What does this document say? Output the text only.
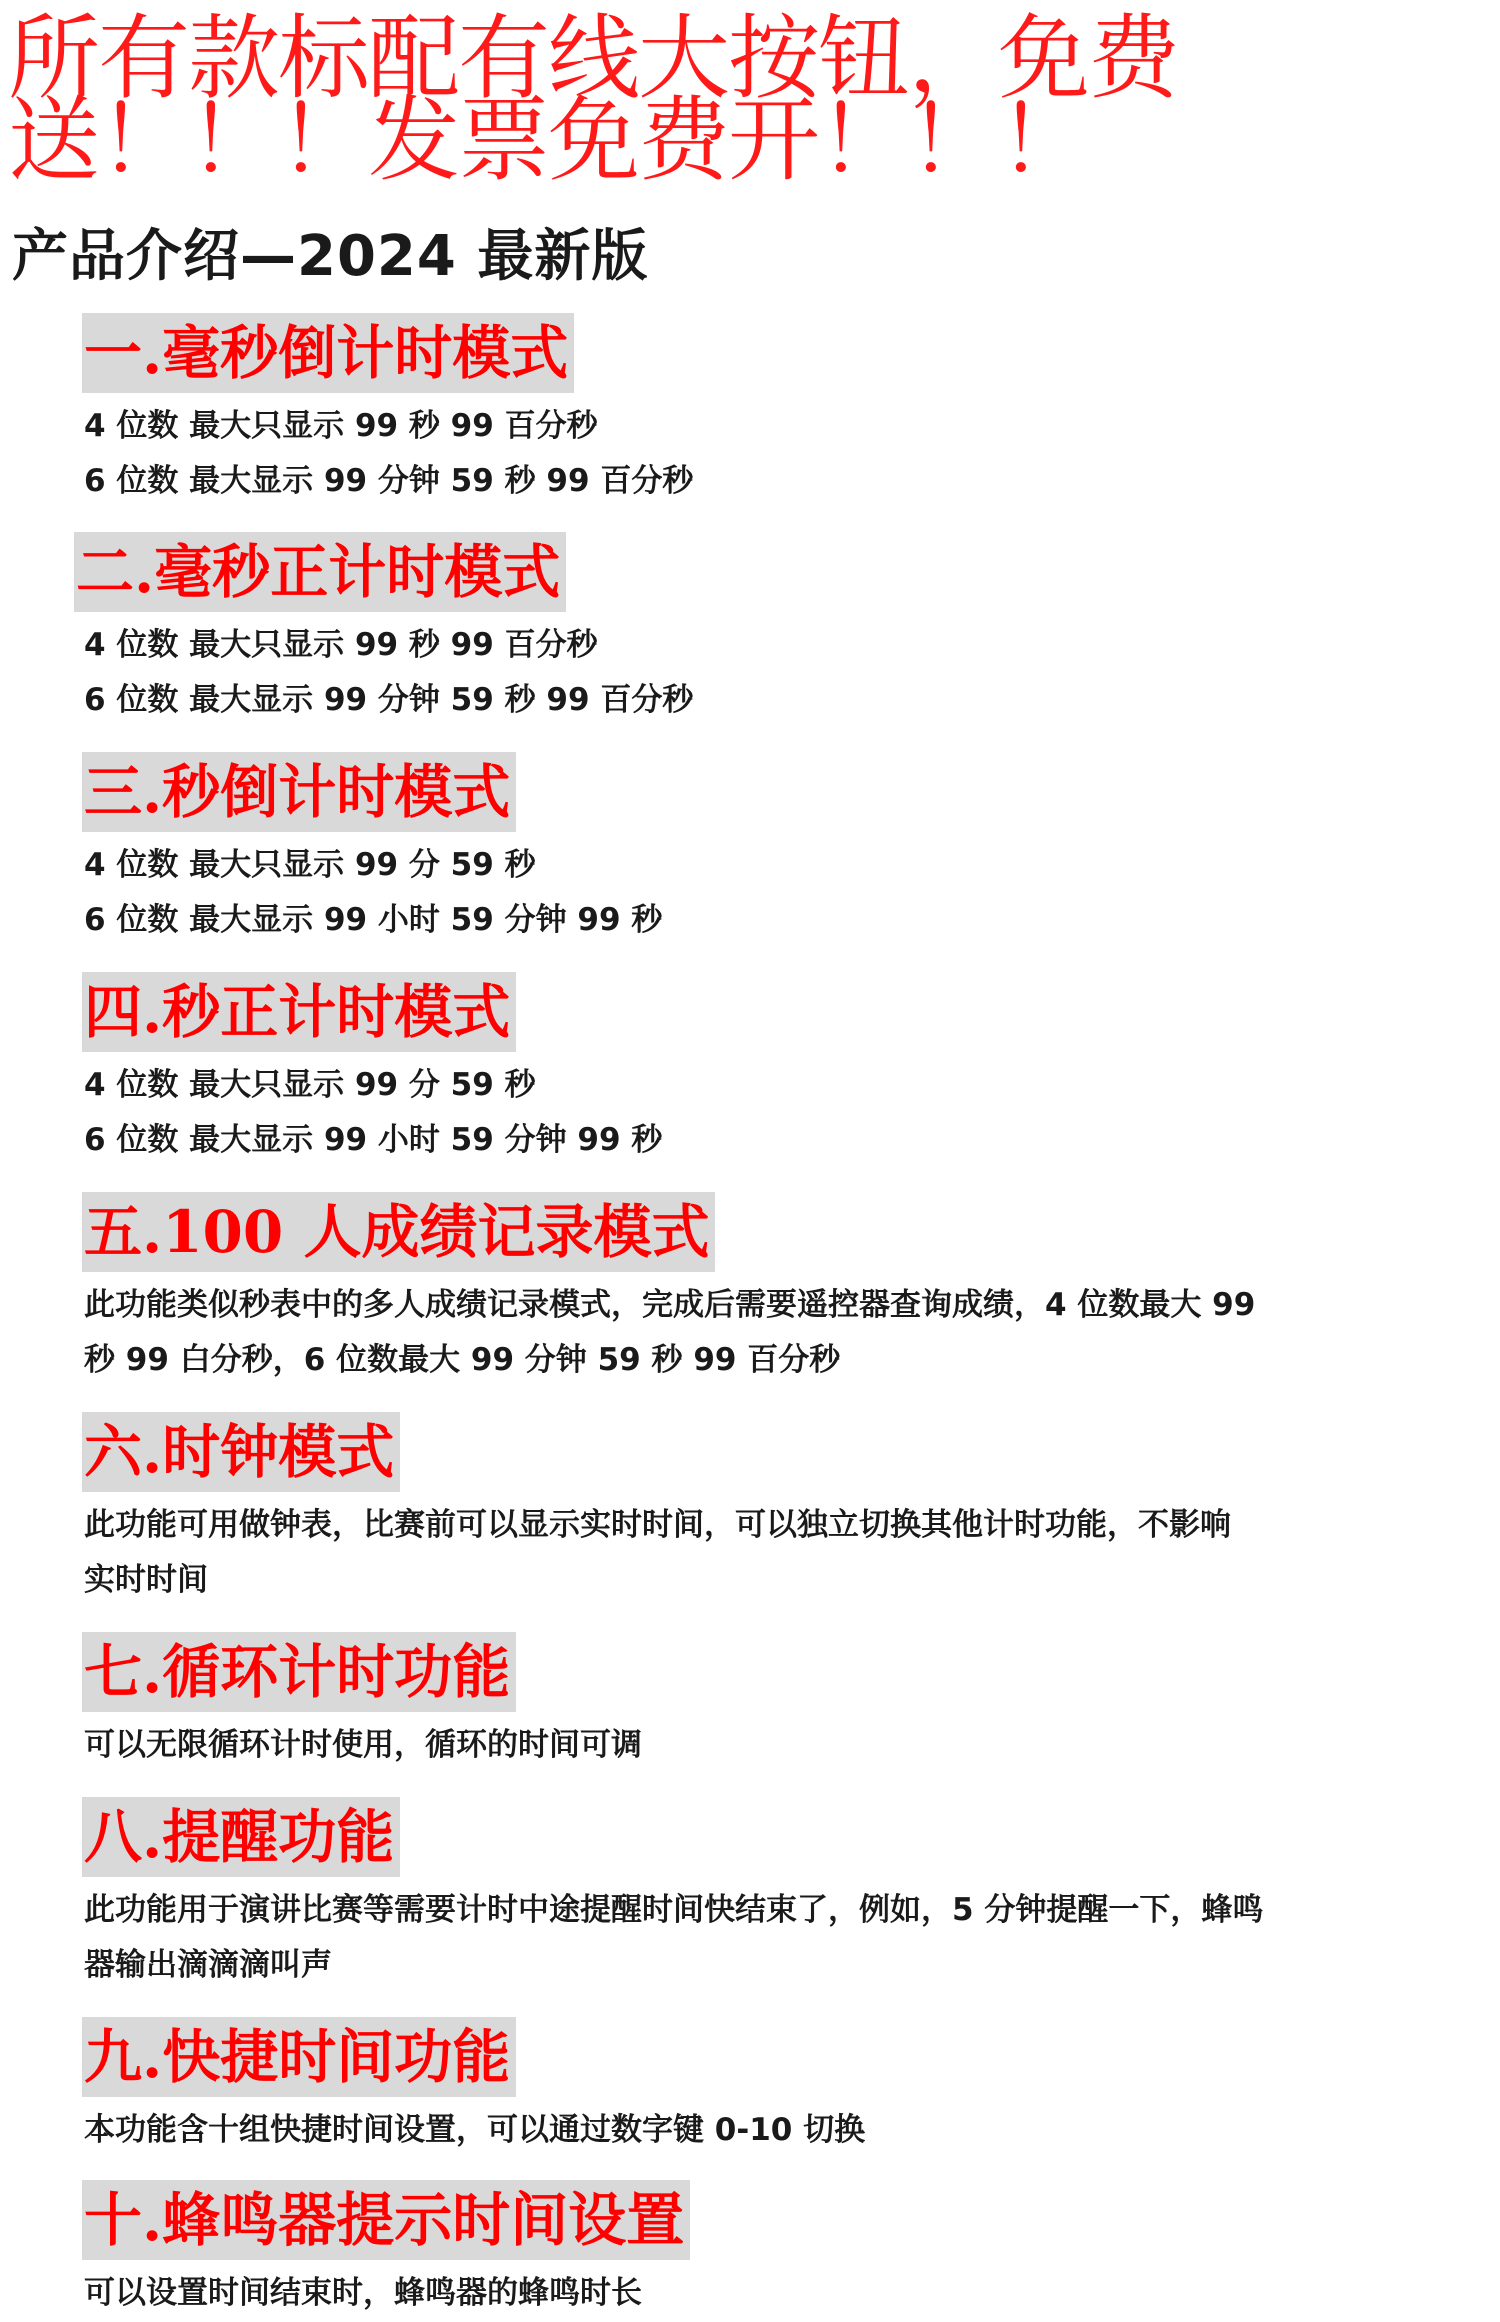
所有款标配有线大按钮，免费
送！！！发票免费开！！！
产品介绍—2024 最新版
一.毫秒倒计时模式
4 位数 最大只显示 99 秒 99 百分秒
6 位数 最大显示 99 分钟 59 秒 99 百分秒
二.毫秒正计时模式
4 位数 最大只显示 99 秒 99 百分秒
6 位数 最大显示 99 分钟 59 秒 99 百分秒
三.秒倒计时模式
4 位数 最大只显示 99 分 59 秒
6 位数 最大显示 99 小时 59 分钟 99 秒
四.秒正计时模式
4 位数 最大只显示 99 分 59 秒
6 位数 最大显示 99 小时 59 分钟 99 秒
五.100 人成绩记录模式
此功能类似秒表中的多人成绩记录模式，完成后需要遥控器查询成绩，4 位数最大 99
秒 99 白分秒，6 位数最大 99 分钟 59 秒 99 百分秒
六.时钟模式
此功能可用做钟表，比赛前可以显示实时时间，可以独立切换其他计时功能，不影响
实时时间
七.循环计时功能
可以无限循环计时使用，循环的时间可调
八.提醒功能
此功能用于演讲比赛等需要计时中途提醒时间快结束了，例如，5 分钟提醒一下，蜂鸣
器输出滴滴滴叫声
九.快捷时间功能
本功能含十组快捷时间设置，可以通过数字键 0-10 切换
十.蜂鸣器提示时间设置
可以设置时间结束时，蜂鸣器的蜂鸣时长
